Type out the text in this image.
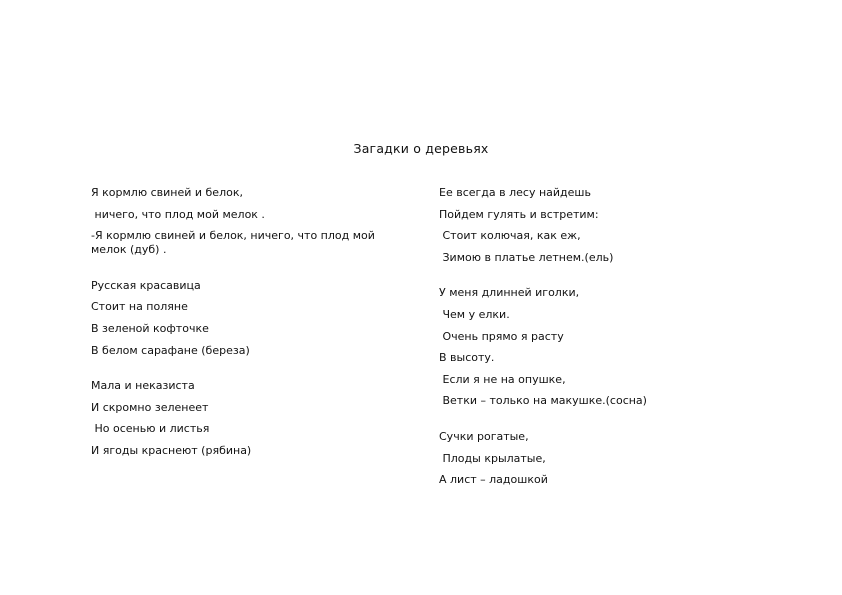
Загадки о деревьях
Я кормлю свиней и белок,
ничего, что плод мой мелок .
-Я кормлю свиней и белок, ничего, что плод мой мелок (дуб) .
Русская красавица
Стоит на поляне
В зеленой кофточке
В белом сарафане (береза)
Мала и неказиста
И скромно зеленеет
Но осенью и листья
И ягоды краснеют (рябина)
Ее всегда в лесу найдешь
Пойдем гулять и встретим:
Стоит колючая, как еж,
Зимою в платье летнем.(ель)
У меня длинней иголки,
Чем у елки.
Очень прямо я расту
В высоту.
Если я не на опушке,
Ветки – только на макушке.(сосна)
Сучки рогатые,
Плоды крылатые,
А лист – ладошкой
